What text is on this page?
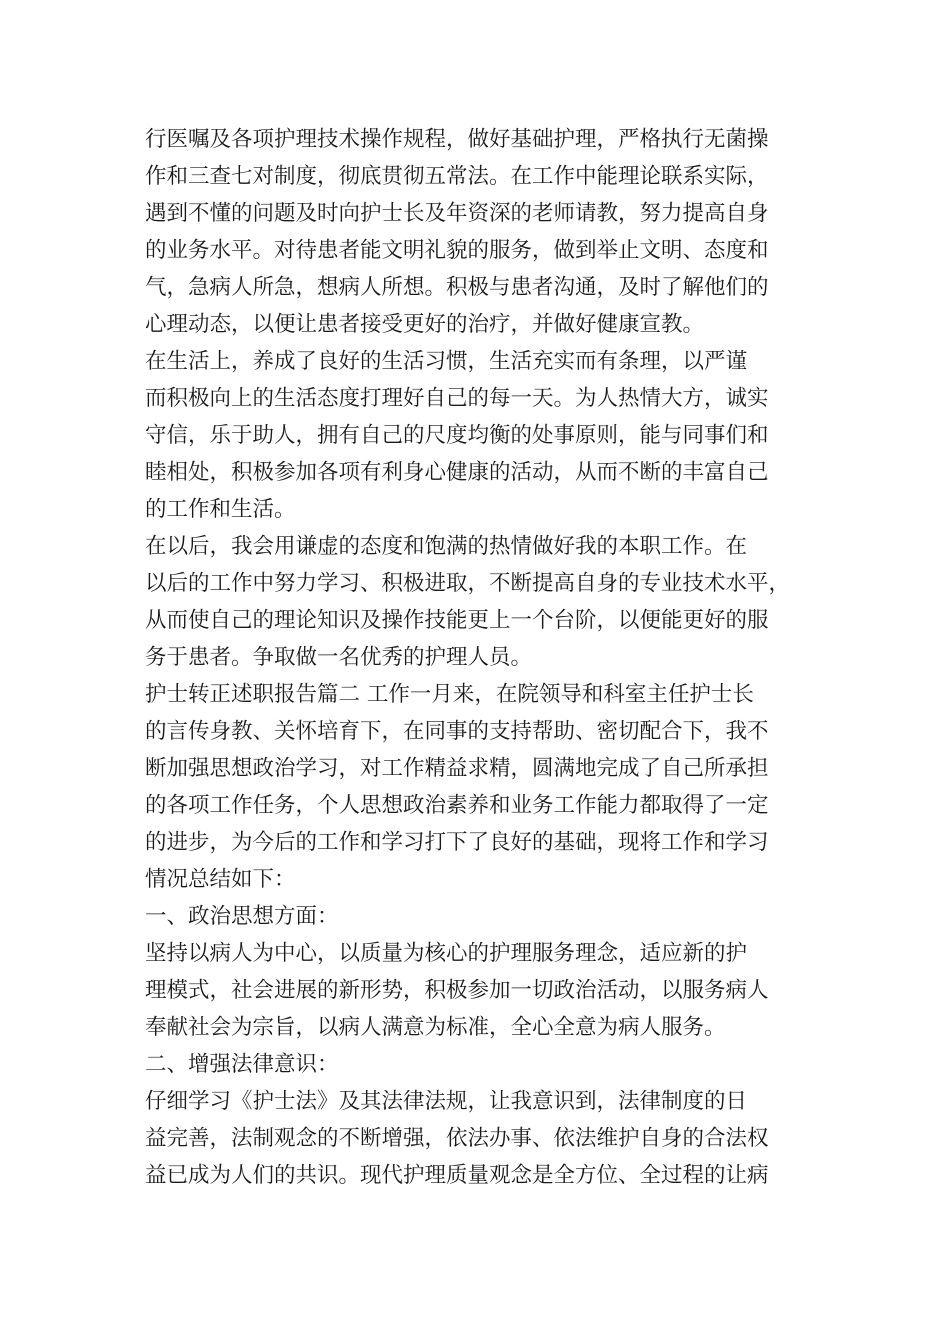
行医嘱及各项护理技术操作规程，做好基础护理，严格执行无菌操
作和三查七对制度，彻底贯彻五常法。在工作中能理论联系实际，
遇到不懂的问题及时向护士长及年资深的老师请教，努力提高自身
的业务水平。对待患者能文明礼貌的服务，做到举止文明、态度和
气，急病人所急，想病人所想。积极与患者沟通，及时了解他们的
心理动态，以便让患者接受更好的治疗，并做好健康宣教。
在生活上，养成了良好的生活习惯，生活充实而有条理，以严谨
而积极向上的生活态度打理好自己的每一天。为人热情大方，诚实
守信，乐于助人，拥有自己的尺度均衡的处事原则，能与同事们和
睦相处，积极参加各项有利身心健康的活动，从而不断的丰富自己
的工作和生活。
在以后，我会用谦虚的态度和饱满的热情做好我的本职工作。在
以后的工作中努力学习、积极进取，不断提高自身的专业技术水平，
从而使自己的理论知识及操作技能更上一个台阶，以便能更好的服
务于患者。争取做一名优秀的护理人员。
护士转正述职报告篇二 工作一月来，在院领导和科室主任护士长
的言传身教、关怀培育下，在同事的支持帮助、密切配合下，我不
断加强思想政治学习，对工作精益求精，圆满地完成了自己所承担
的各项工作任务，个人思想政治素养和业务工作能力都取得了一定
的进步，为今后的工作和学习打下了良好的基础，现将工作和学习
情况总结如下：
一、政治思想方面：
坚持以病人为中心，以质量为核心的护理服务理念，适应新的护
理模式，社会进展的新形势，积极参加一切政治活动，以服务病人
奉献社会为宗旨，以病人满意为标准，全心全意为病人服务。
二、增强法律意识：
仔细学习《护士法》及其法律法规，让我意识到，法律制度的日
益完善，法制观念的不断增强，依法办事、依法维护自身的合法权
益已成为人们的共识。现代护理质量观念是全方位、全过程的让病
